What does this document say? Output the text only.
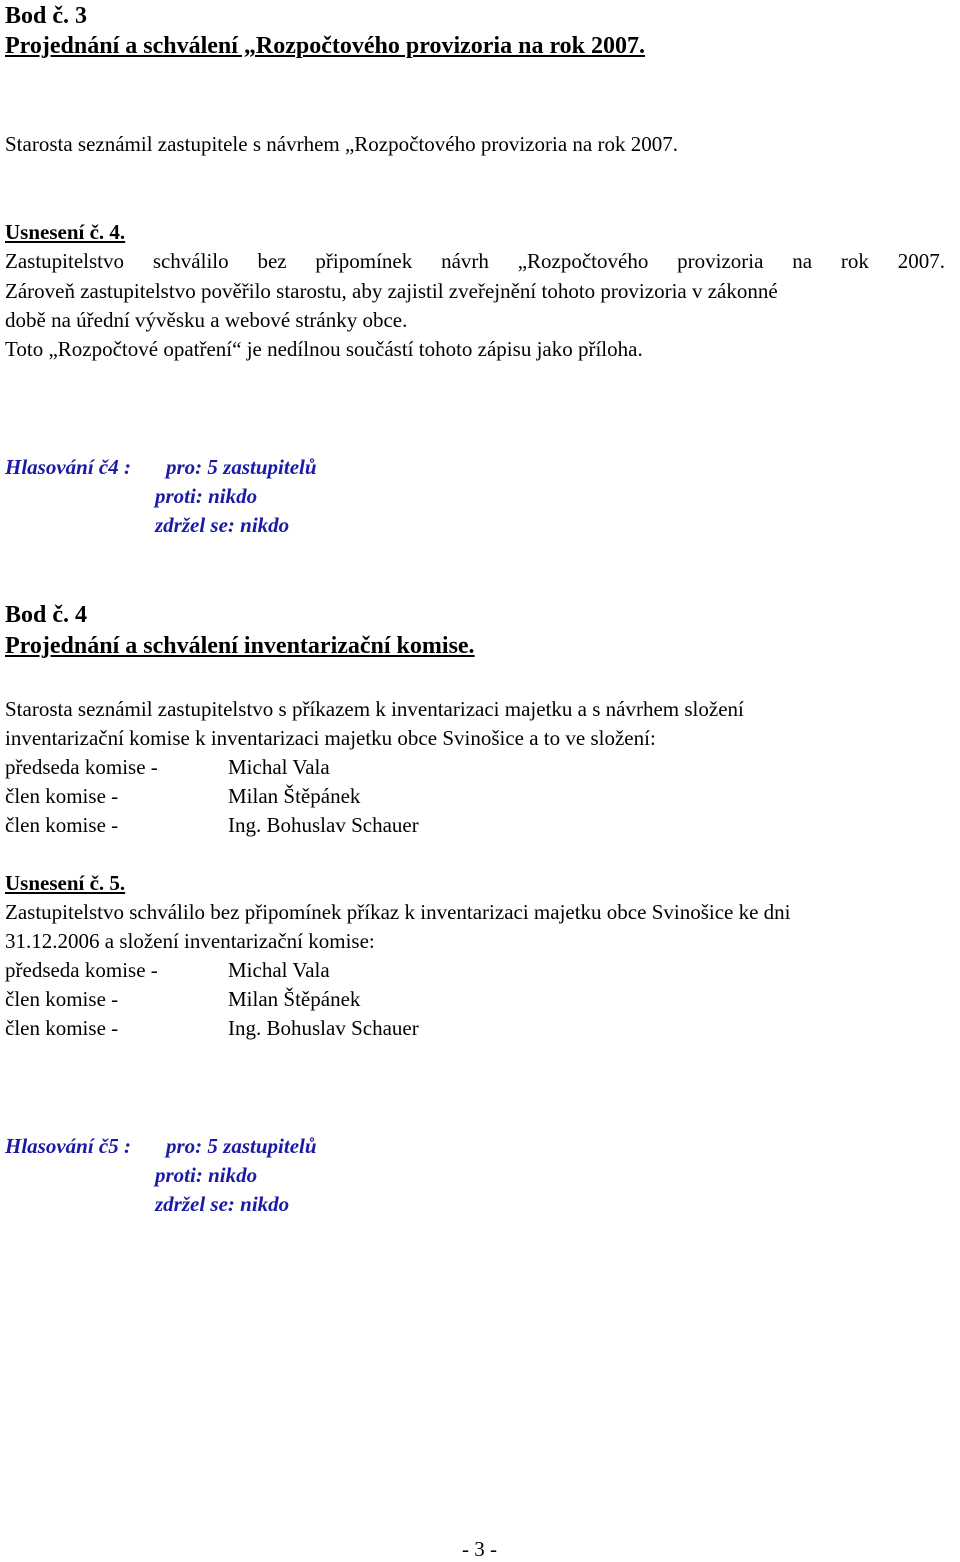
Bod č. 3
Projednání a schválení „Rozpočtového provizoria na rok 2007.
Starosta seznámil zastupitele s návrhem „Rozpočtového provizoria na rok 2007.
Usnesení č. 4.
Zastupitelstvo schválilo bez připomínek návrh „Rozpočtového provizoria na rok 2007.
Zároveň zastupitelstvo pověřilo starostu, aby zajistil zveřejnění tohoto provizoria v zákonné
době na úřední vývěsku a webové stránky obce.
Toto „Rozpočtové opatření“ je nedílnou součástí tohoto zápisu jako příloha.
Hlasování č4 : pro: 5 zastupitelů
proti: nikdo
zdržel se: nikdo
Bod č. 4
Projednání a schválení inventarizační komise.
Starosta seznámil zastupitelstvo s příkazem k inventarizaci majetku a s návrhem složení
inventarizační komise k inventarizaci majetku obce Svinošice a to ve složení:
předseda komise -	Michal Vala
člen komise -	Milan Štěpánek
člen komise -	Ing. Bohuslav Schauer
Usnesení č. 5.
Zastupitelstvo schválilo bez připomínek příkaz k inventarizaci majetku obce Svinošice ke dni
31.12.2006 a složení inventarizační komise:
předseda komise -	Michal Vala
člen komise -	Milan Štěpánek
člen komise -	Ing. Bohuslav Schauer
Hlasování č5 : pro: 5 zastupitelů
proti: nikdo
zdržel se: nikdo
- 3 -
